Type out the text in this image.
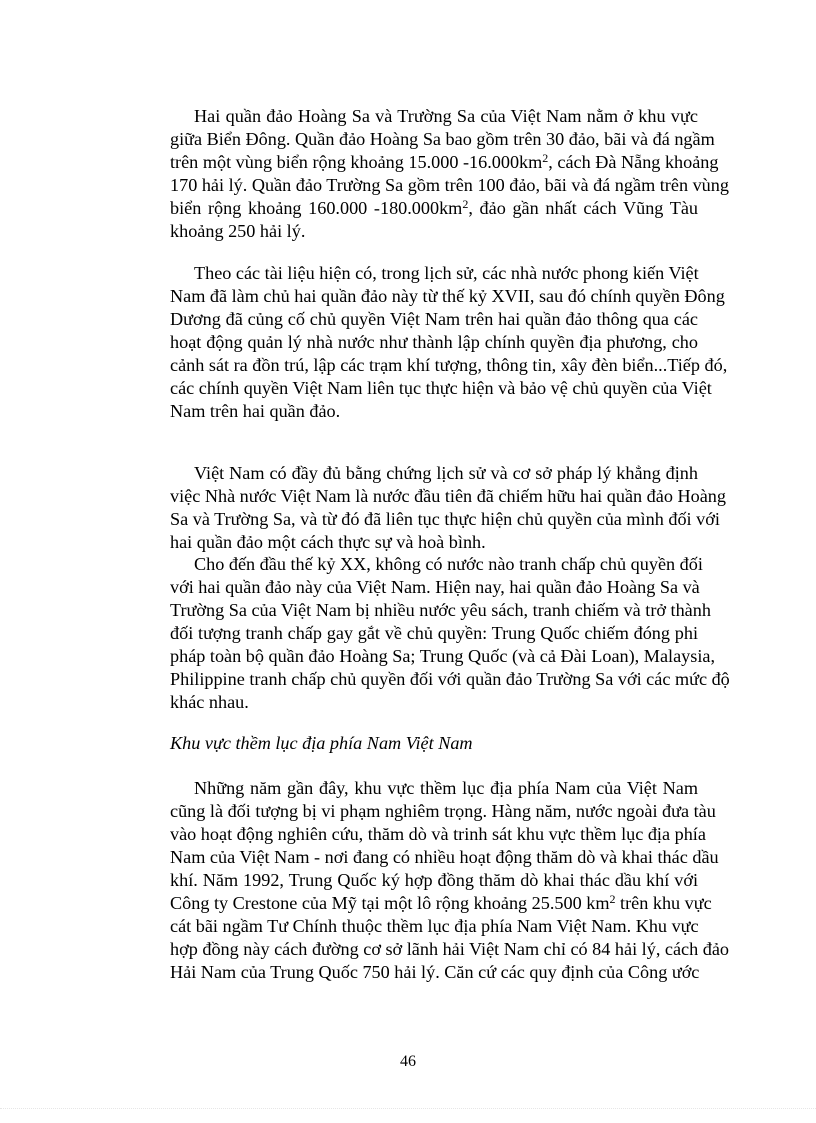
Hai quần đảo Hoàng Sa và Trường Sa của Việt Nam nằm ở khu vực
giữa Biển Đông. Quần đảo Hoàng Sa bao gồm trên 30 đảo, bãi và đá ngầm
trên một vùng biển rộng khoảng 15.000 $-16.000km^2$, cách Đà Nẵng khoảng
170 hải lý. Quần đảo Trường Sa gồm trên 100 đảo, bãi và đá ngầm trên vùng
biển rộng khoảng 160.000 $-180.000km^2$, đảo gần nhất cách Vũng Tàu
khoảng 250 hải lý.
Theo các tài liệu hiện có, trong lịch sử, các nhà nước phong kiến Việt
Nam đã làm chủ hai quần đảo này từ thế kỷ XVII, sau đó chính quyền Đông
Dương đã củng cố chủ quyền Việt Nam trên hai quần đảo thông qua các
hoạt động quản lý nhà nước như thành lập chính quyền địa phương, cho
cảnh sát ra đồn trú, lập các trạm khí tượng, thông tin, xây đèn biển...Tiếp đó,
các chính quyền Việt Nam liên tục thực hiện và bảo vệ chủ quyền của Việt
Nam trên hai quần đảo.
Việt Nam có đầy đủ bằng chứng lịch sử và cơ sở pháp lý khẳng định
việc Nhà nước Việt Nam là nước đầu tiên đã chiếm hữu hai quần đảo Hoàng
Sa và Trường Sa, và từ đó đã liên tục thực hiện chủ quyền của mình đối với
hai quần đảo một cách thực sự và hoà bình.
Cho đến đầu thế kỷ XX, không có nước nào tranh chấp chủ quyền đối
với hai quần đảo này của Việt Nam. Hiện nay, hai quần đảo Hoàng Sa và
Trường Sa của Việt Nam bị nhiều nước yêu sách, tranh chiếm và trở thành
đối tượng tranh chấp gay gắt về chủ quyền: Trung Quốc chiếm đóng phi
pháp toàn bộ quần đảo Hoàng Sa; Trung Quốc (và cả Đài Loan), Malaysia,
Philippine tranh chấp chủ quyền đối với quần đảo Trường Sa với các mức độ
khác nhau.
Khu vực thềm lục địa phía Nam Việt Nam
Những năm gần đây, khu vực thềm lục địa phía Nam của Việt Nam
cũng là đối tượng bị vi phạm nghiêm trọng. Hàng năm, nước ngoài đưa tàu
vào hoạt động nghiên cứu, thăm dò và trinh sát khu vực thềm lục địa phía
Nam của Việt Nam - nơi đang có nhiều hoạt động thăm dò và khai thác dầu
khí. Năm 1992, Trung Quốc ký hợp đồng thăm dò khai thác dầu khí với
Công ty Crestone của Mỹ tại một lô rộng khoảng 25.500 $km^2$ trên khu vực
cát bãi ngầm Tư Chính thuộc thềm lục địa phía Nam Việt Nam. Khu vực
hợp đồng này cách đường cơ sở lãnh hải Việt Nam chỉ có 84 hải lý, cách đảo
Hải Nam của Trung Quốc 750 hải lý. Căn cứ các quy định của Công ước
46
